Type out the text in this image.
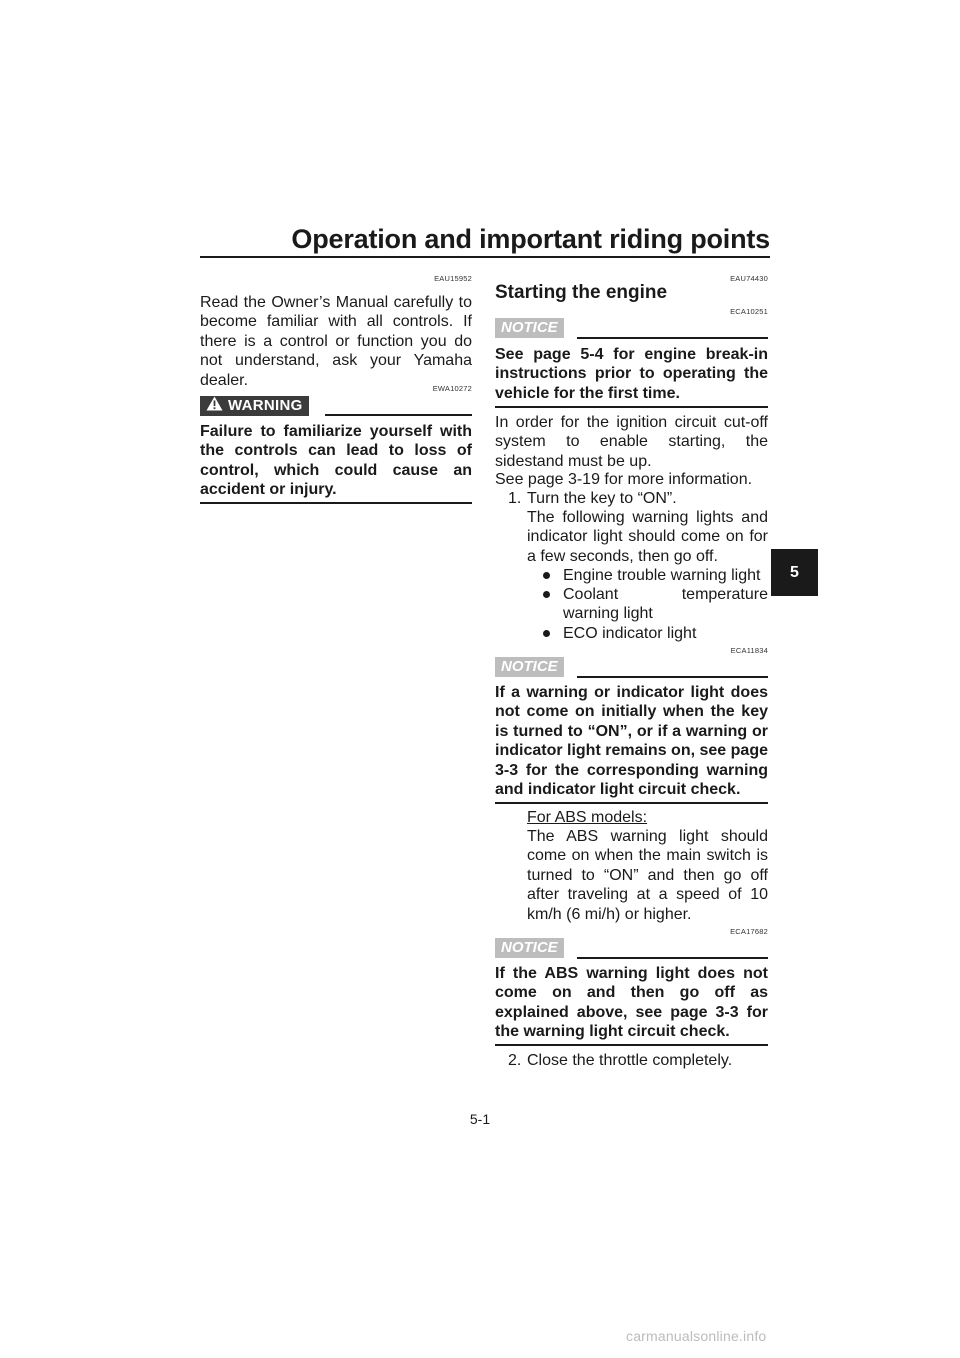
Operation and important riding points
5
EAU15952
Read the Owner’s Manual carefully to become familiar with all controls. If there is a control or function you do not understand, ask your Yamaha dealer.	EWA10272
WARNING
Failure to familiarize yourself with the controls can lead to loss of control, which could cause an accident or injury.
EAU74430
Starting the engine
ECA10251
NOTICE
See page 5-4 for engine break-in instructions prior to operating the vehicle for the first time.
In order for the ignition circuit cut-off system to enable starting, the sidestand must be up.
See page 3-19 for more information.
1. Turn the key to “ON”.
The following warning lights and indicator light should come on for a few seconds, then go off.
Engine trouble warning light
Coolant temperature warning light
ECO indicator light
ECA11834
NOTICE
If a warning or indicator light does not come on initially when the key is turned to “ON”, or if a warning or indicator light remains on, see page 3-3 for the corresponding warning and indicator light circuit check.
For ABS models:
The ABS warning light should come on when the main switch is turned to “ON” and then go off after traveling at a speed of 10 km/h (6 mi/h) or higher.
ECA17682
NOTICE
If the ABS warning light does not come on and then go off as explained above, see page 3-3 for the warning light circuit check.
2. Close the throttle completely.
5-1
carmanualsonline.info
